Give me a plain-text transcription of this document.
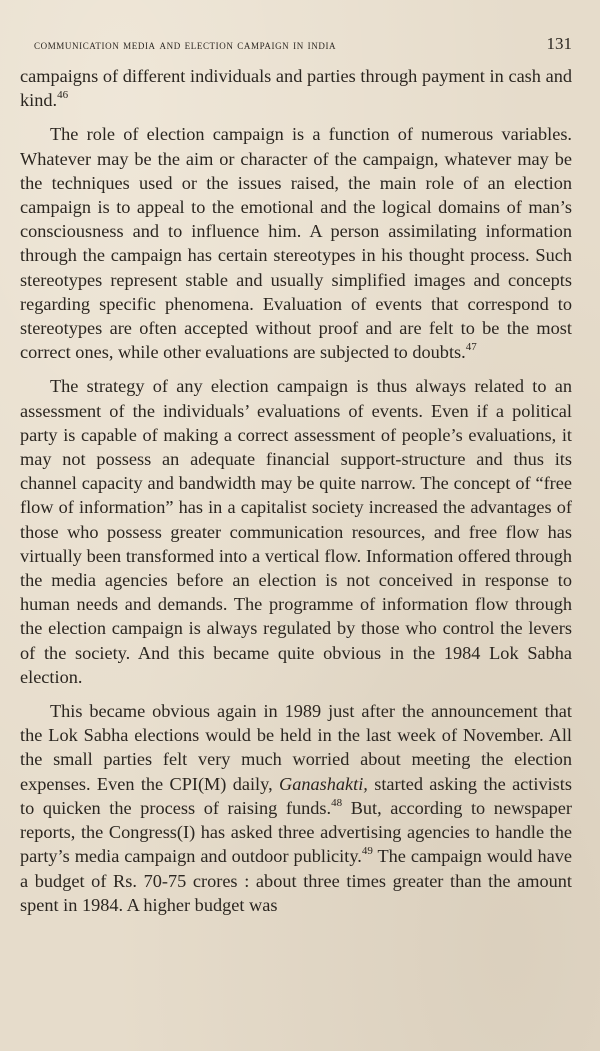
communication media and election campaign in india	131

campaigns of different individuals and parties through payment in cash and kind.$^{46}$

The role of election campaign is a function of numerous variables. Whatever may be the aim or character of the campaign, whatever may be the techniques used or the issues raised, the main role of an election campaign is to appeal to the emotional and the logical domains of man’s consciousness and to influence him. A person assimilating information through the campaign has certain stereotypes in his thought process. Such stereotypes represent stable and usually simplified images and concepts regarding specific phenomena. Evaluation of events that correspond to stereotypes are often accepted without proof and are felt to be the most correct ones, while other evaluations are subjected to doubts.$^{47}$

The strategy of any election campaign is thus always related to an assessment of the individuals’ evaluations of events. Even if a political party is capable of making a correct assessment of people’s evaluations, it may not possess an adequate financial support-structure and thus its channel capacity and bandwidth may be quite narrow. The concept of “free flow of information” has in a capitalist society increased the advantages of those who possess greater communication resources, and free flow has virtually been transformed into a vertical flow. Information offered through the media agencies before an election is not conceived in response to human needs and demands. The programme of information flow through the election campaign is always regulated by those who control the levers of the society. And this became quite obvious in the 1984 Lok Sabha election.

This became obvious again in 1989 just after the announcement that the Lok Sabha elections would be held in the last week of November. All the small parties felt very much worried about meeting the election expenses. Even the CPI(M) daily, Ganashakti, started asking the activists to quicken the process of raising funds.$^{48}$ But, according to newspaper reports, the Congress(I) has asked three advertising agencies to handle the party’s media campaign and outdoor publicity.$^{49}$ The campaign would have a budget of Rs. 70-75 crores : about three times greater than the amount spent in 1984. A higher budget was
